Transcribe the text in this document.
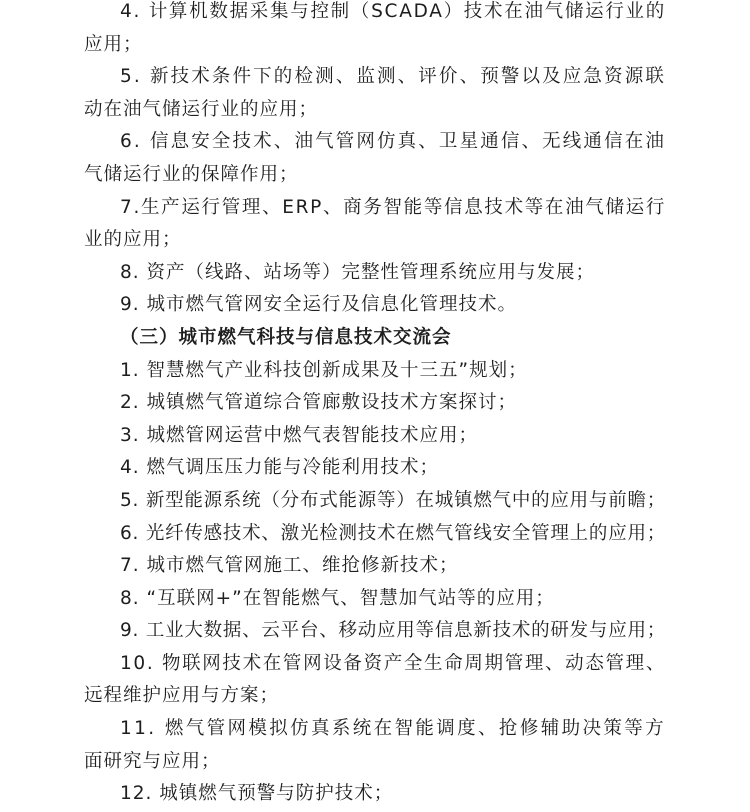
4. 计算机数据采集与控制（SCADA）技术在油气储运行业的
应用；
5. 新技术条件下的检测、监测、评价、预警以及应急资源联
动在油气储运行业的应用；
6. 信息安全技术、油气管网仿真、卫星通信、无线通信在油
气储运行业的保障作用；
7.生产运行管理、ERP、商务智能等信息技术等在油气储运行
业的应用；
8. 资产（线路、站场等）完整性管理系统应用与发展；
9. 城市燃气管网安全运行及信息化管理技术。
（三）城市燃气科技与信息技术交流会
1. 智慧燃气产业科技创新成果及十三五”规划；
2. 城镇燃气管道综合管廊敷设技术方案探讨；
3. 城燃管网运营中燃气表智能技术应用；
4. 燃气调压压力能与冷能利用技术；
5. 新型能源系统（分布式能源等）在城镇燃气中的应用与前瞻；
6. 光纤传感技术、激光检测技术在燃气管线安全管理上的应用；
7. 城市燃气管网施工、维抢修新技术；
8. “互联网+”在智能燃气、智慧加气站等的应用；
9. 工业大数据、云平台、移动应用等信息新技术的研发与应用；
10. 物联网技术在管网设备资产全生命周期管理、动态管理、
远程维护应用与方案；
11. 燃气管网模拟仿真系统在智能调度、抢修辅助决策等方
面研究与应用；
12. 城镇燃气预警与防护技术；
